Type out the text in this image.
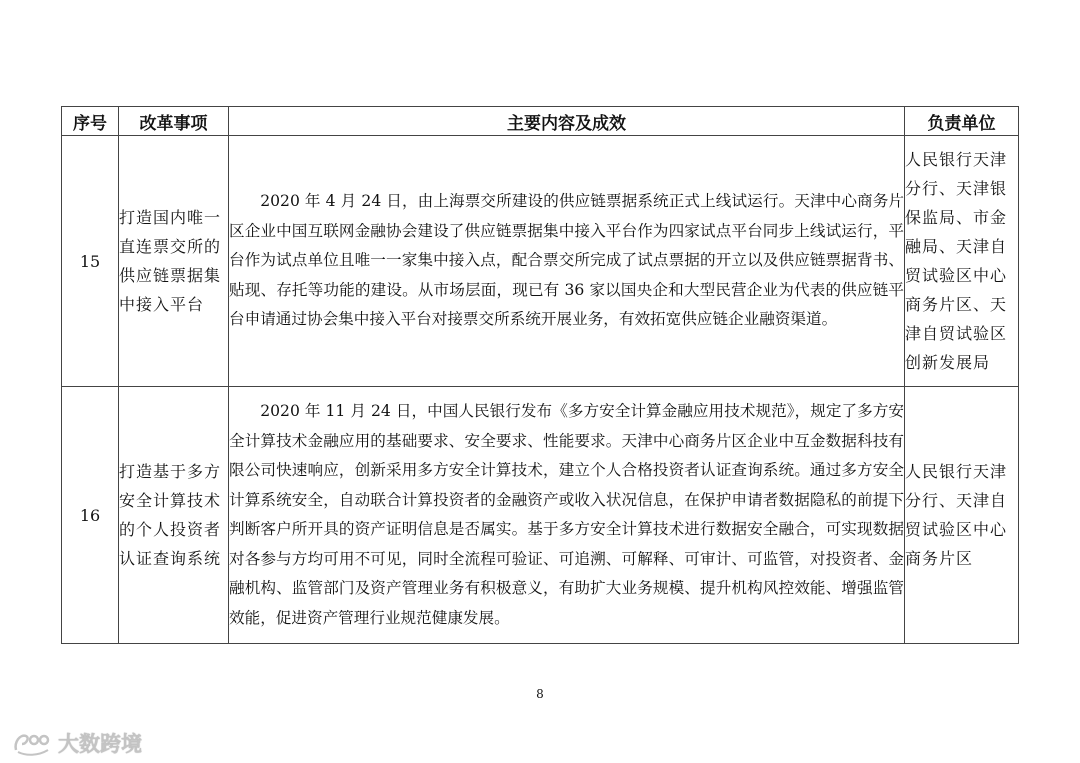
序号	改革事项	主要内容及成效	负责单位
15	打造国内唯一直连票交所的供应链票据集中接入平台	2020 年 4 月 24 日，由上海票交所建设的供应链票据系统正式上线试运行。天津中心商务片区企业中国互联网金融协会建设了供应链票据集中接入平台作为四家试点平台同步上线试运行，平台作为试点单位且唯一一家集中接入点，配合票交所完成了试点票据的开立以及供应链票据背书、贴现、存托等功能的建设。从市场层面，现已有 36 家以国央企和大型民营企业为代表的供应链平台申请通过协会集中接入平台对接票交所系统开展业务，有效拓宽供应链企业融资渠道。	人民银行天津分行、天津银保监局、市金融局、天津自贸试验区中心商务片区、天津自贸试验区创新发展局
16	打造基于多方安全计算技术的个人投资者认证查询系统	2020 年 11 月 24 日，中国人民银行发布《多方安全计算金融应用技术规范》，规定了多方安全计算技术金融应用的基础要求、安全要求、性能要求。天津中心商务片区企业中互金数据科技有限公司快速响应，创新采用多方安全计算技术，建立个人合格投资者认证查询系统。通过多方安全计算系统安全，自动联合计算投资者的金融资产或收入状况信息，在保护申请者数据隐私的前提下判断客户所开具的资产证明信息是否属实。基于多方安全计算技术进行数据安全融合，可实现数据对各参与方均可用不可见，同时全流程可验证、可追溯、可解释、可审计、可监管，对投资者、金融机构、监管部门及资产管理业务有积极意义，有助扩大业务规模、提升机构风控效能、增强监管效能，促进资产管理行业规范健康发展。	人民银行天津分行、天津自贸试验区中心商务片区
8
大数跨境
